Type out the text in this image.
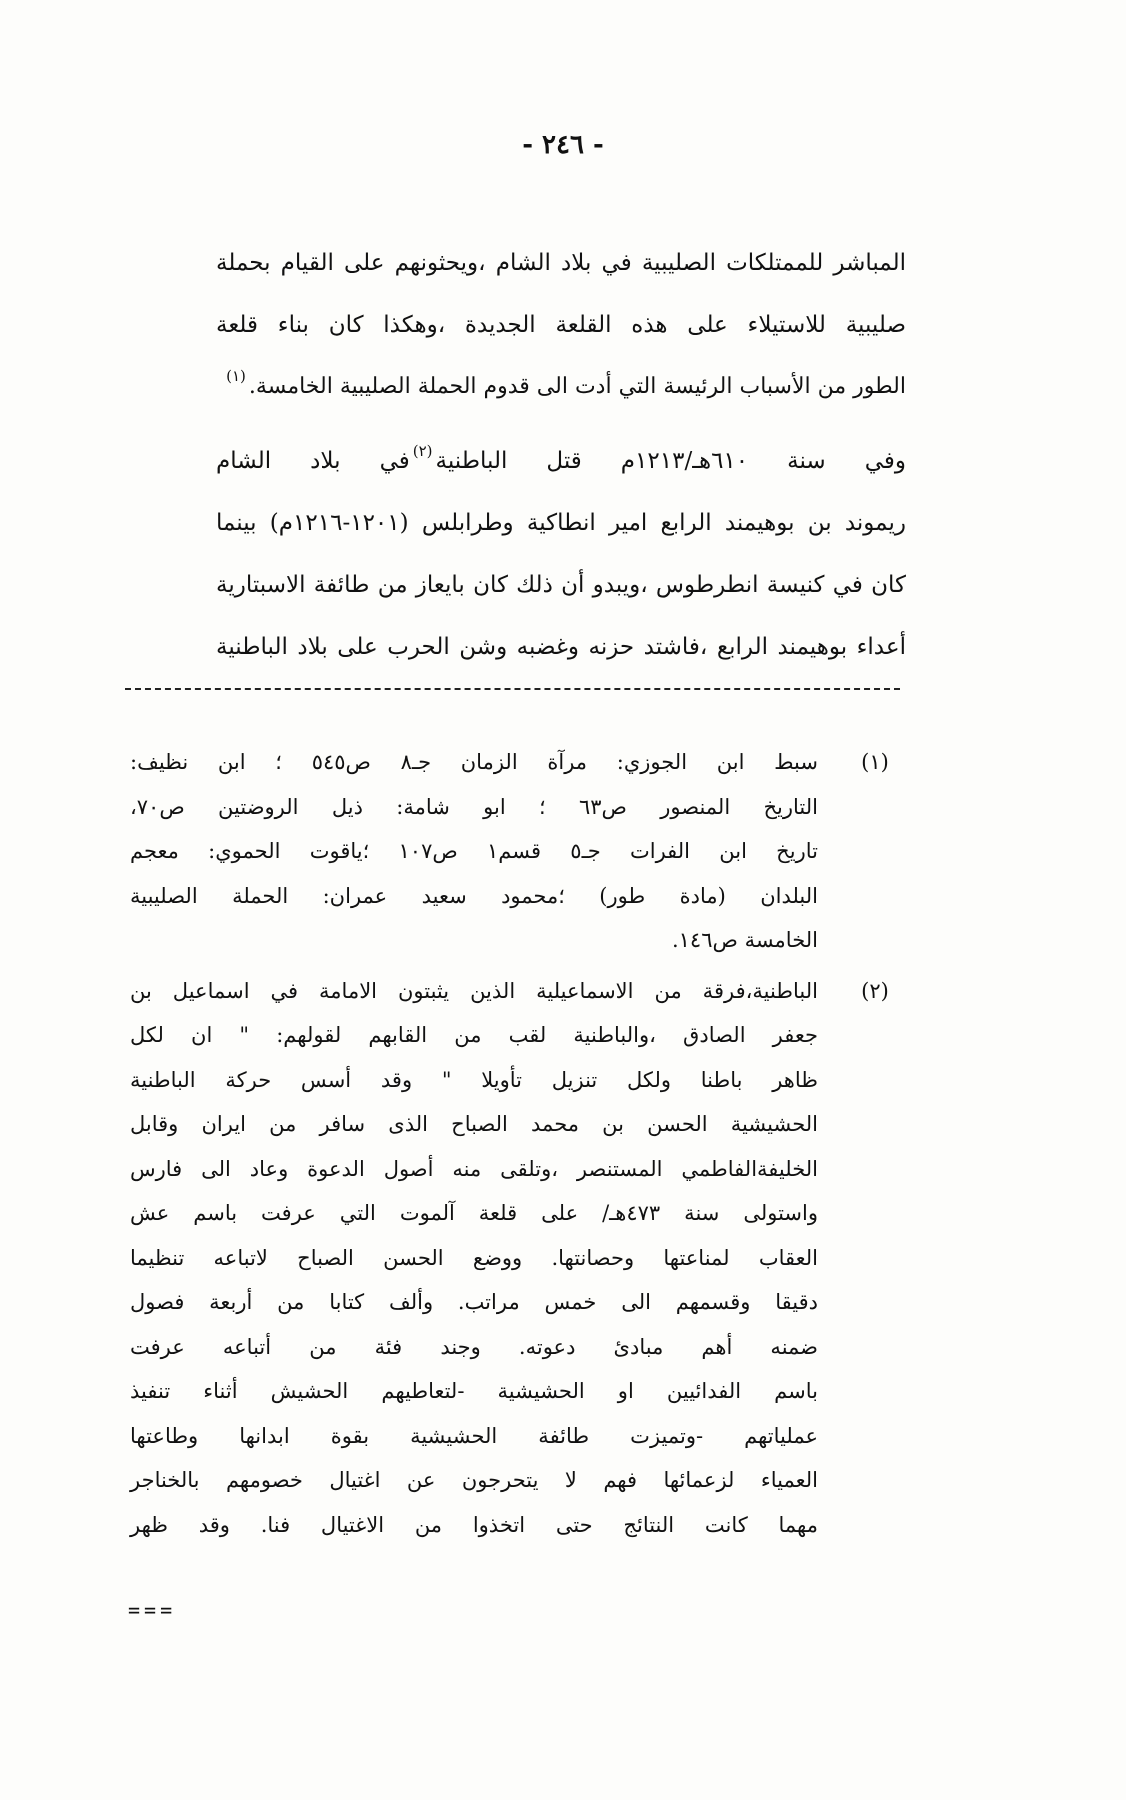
- ٢٤٦ -
المباشر للممتلكات الصليبية في بلاد الشام ،ويحثونهم على القيام بحملة
صليبية للاستيلاء على هذه القلعة الجديدة ،وهكذا كان بناء قلعة
الطور من الأسباب الرئيسة التي أدت الى قدوم الحملة الصليبية الخامسة.$^{(١)}$
وفي سنة ٦١٠هـ/١٢١٣م قتل الباطنية$^{(٢)}$في بلاد الشام
ريموند بن بوهيمند الرابع امير انطاكية وطرابلس (١٢٠١-١٢١٦م) بينما
كان في كنيسة انطرطوس ،ويبدو أن ذلك كان بايعاز من طائفة الاسبتارية
أعداء بوهيمند الرابع ،فاشتد حزنه وغضبه وشن الحرب على بلاد الباطنية
(١)
سبط ابن الجوزي: مرآة الزمان جـ٨ ص٥٤٥ ؛ ابن نظيف:
التاريخ المنصور ص٦٣ ؛ ابو شامة: ذيل الروضتين ص٧٠،
تاريخ ابن الفرات جـ٥ قسم١ ص١٠٧ ؛ياقوت الحموي: معجم
البلدان (مادة طور) ؛محمود سعيد عمران: الحملة الصليبية
الخامسة ص١٤٦.
(٢)
الباطنية،فرقة من الاسماعيلية الذين يثبتون الامامة في اسماعيل بن
جعفر الصادق ،والباطنية لقب من القابهم لقولهم: " ان لكل
ظاهر باطنا ولكل تنزيل تأويلا " وقد أسس حركة الباطنية
الحشيشية الحسن بن محمد الصباح الذى سافر من ايران وقابل
الخليفةالفاطمي المستنصر ،وتلقى منه أصول الدعوة وعاد الى فارس
واستولى سنة ٤٧٣هـ/ على قلعة آلموت التي عرفت باسم عش
العقاب لمناعتها وحصانتها. ووضع الحسن الصباح لاتباعه تنظيما
دقيقا وقسمهم الى خمس مراتب. وألف كتابا من أربعة فصول
ضمنه أهم مبادئ دعوته. وجند فئة من أتباعه عرفت
باسم الفدائيين او الحشيشية -لتعاطيهم الحشيش أثناء تنفيذ
عملياتهم -وتميزت طائفة الحشيشية بقوة ابدانها وطاعتها
العمياء لزعمائها فهم لا يتحرجون عن اغتيال خصومهم بالخناجر
مهما كانت النتائج حتى اتخذوا من الاغتيال فنا. وقد ظهر
===
